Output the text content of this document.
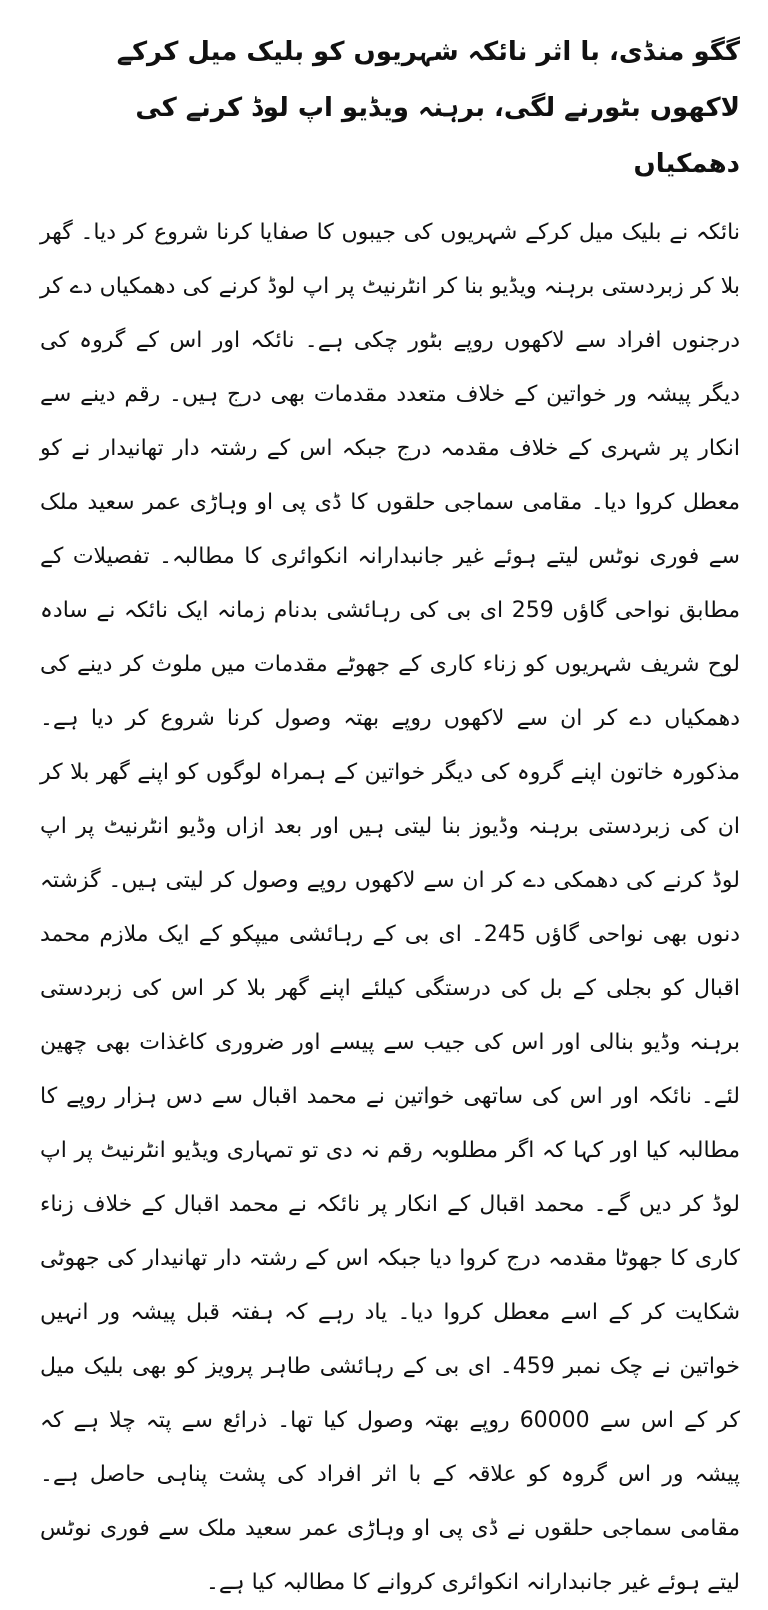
گگو منڈی، با اثر نائکہ شہریوں کو بلیک میل کرکے لاکھوں بٹورنے لگی، برہنہ ویڈیو اپ لوڈ کرنے کی دھمکیاں

نائکہ نے بلیک میل کرکے شہریوں کی جیبوں کا صفایا کرنا شروع کر دیا۔ گھر بلا کر زبردستی برہنہ ویڈیو بنا کر انٹرنیٹ پر اپ لوڈ کرنے کی دھمکیاں دے کر درجنوں افراد سے لاکھوں روپے بٹور چکی ہے۔ نائکہ اور اس کے گروہ کی دیگر پیشہ ور خواتین کے خلاف متعدد مقدمات بھی درج ہیں۔ رقم دینے سے انکار پر شہری کے خلاف مقدمہ درج جبکہ اس کے رشتہ دار تھانیدار نے کو معطل کروا دیا۔ مقامی سماجی حلقوں کا ڈی پی او وہاڑی عمر سعید ملک سے فوری نوٹس لیتے ہوئے غیر جانبدارانہ انکوائری کا مطالبہ۔ تفصیلات کے مطابق نواحی گاؤں 259 ای بی کی رہائشی بدنام زمانہ ایک نائکہ نے سادہ لوح شریف شہریوں کو زناء کاری کے جھوٹے مقدمات میں ملوث کر دینے کی دھمکیاں دے کر ان سے لاکھوں روپے بھتہ وصول کرنا شروع کر دیا ہے۔ مذکورہ خاتون اپنے گروہ کی دیگر خواتین کے ہمراہ لوگوں کو اپنے گھر بلا کر ان کی زبردستی برہنہ وڈیوز بنا لیتی ہیں اور بعد ازاں وڈیو انٹرنیٹ پر اپ لوڈ کرنے کی دھمکی دے کر ان سے لاکھوں روپے وصول کر لیتی ہیں۔ گزشتہ دنوں بھی نواحی گاؤں 245۔ ای بی کے رہائشی میپکو کے ایک ملازم محمد اقبال کو بجلی کے بل کی درستگی کیلئے اپنے گھر بلا کر اس کی زبردستی برہنہ وڈیو بنالی اور اس کی جیب سے پیسے اور ضروری کاغذات بھی چھین لئے۔ نائکہ اور اس کی ساتھی خواتین نے محمد اقبال سے دس ہزار روپے کا مطالبہ کیا اور کہا کہ اگر مطلوبہ رقم نہ دی تو تمہاری ویڈیو انٹرنیٹ پر اپ لوڈ کر دیں گے۔ محمد اقبال کے انکار پر نائکہ نے محمد اقبال کے خلاف زناء کاری کا جھوٹا مقدمہ درج کروا دیا جبکہ اس کے رشتہ دار تھانیدار کی جھوٹی شکایت کر کے اسے معطل کروا دیا۔ یاد رہے کہ ہفتہ قبل پیشہ ور انہیں خواتین نے چک نمبر 459۔ ای بی کے رہائشی طاہر پرویز کو بھی بلیک میل کر کے اس سے 60000 روپے بھتہ وصول کیا تھا۔ ذرائع سے پتہ چلا ہے کہ پیشہ ور اس گروہ کو علاقہ کے با اثر افراد کی پشت پناہی حاصل ہے۔ مقامی سماجی حلقوں نے ڈی پی او وہاڑی عمر سعید ملک سے فوری نوٹس لیتے ہوئے غیر جانبدارانہ انکوائری کروانے کا مطالبہ کیا ہے۔
